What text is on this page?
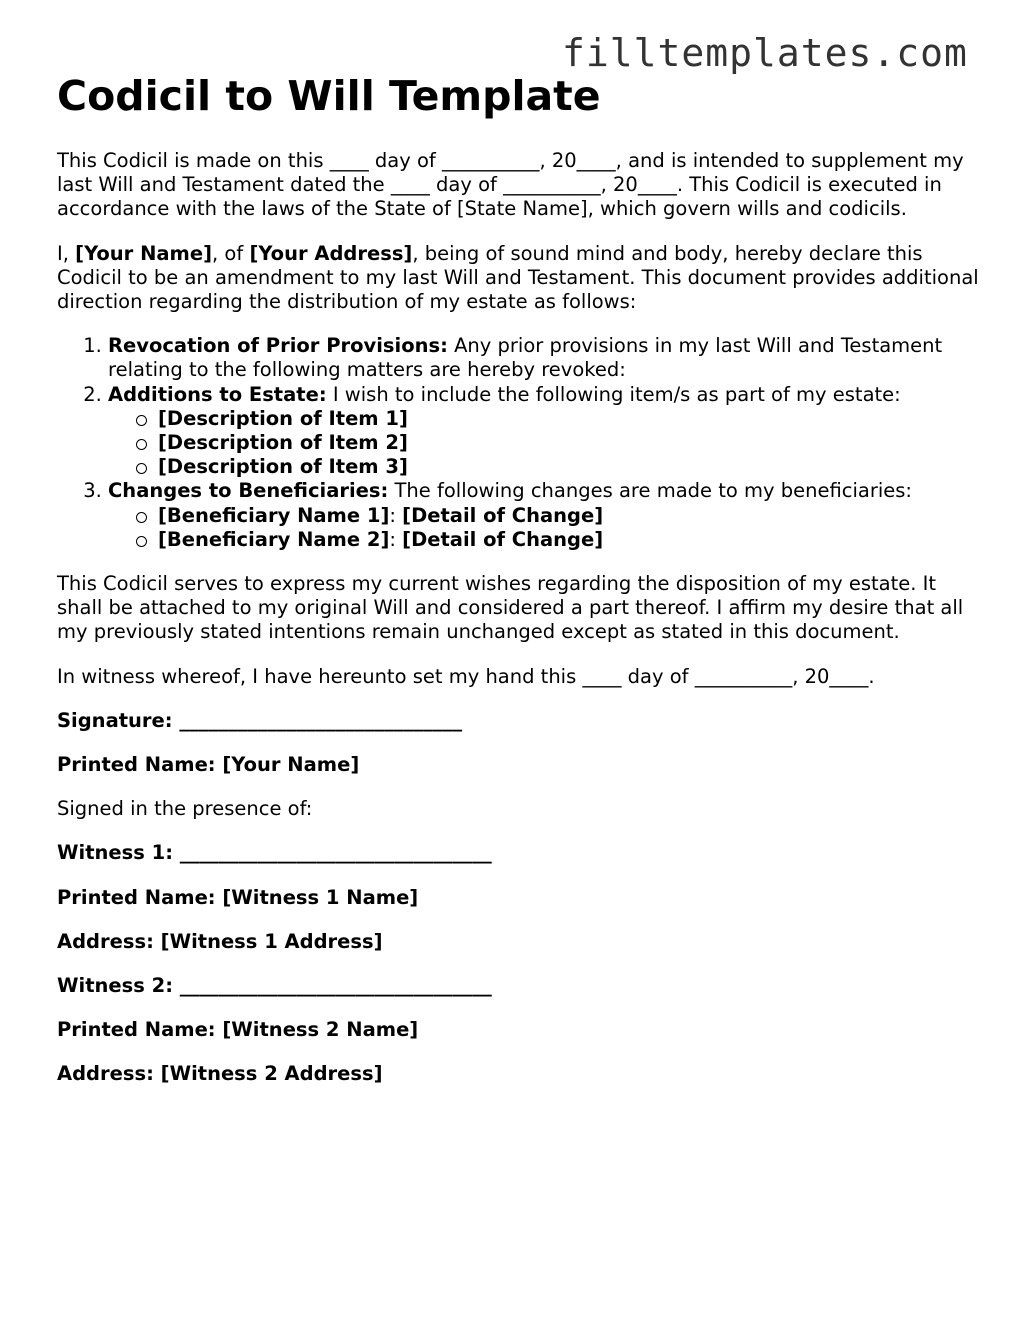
filltemplates.com
Codicil to Will Template

This Codicil is made on this ____ day of __________, 20____, and is intended to supplement my last Will and Testament dated the ____ day of __________, 20____. This Codicil is executed in accordance with the laws of the State of [State Name], which govern wills and codicils.

I, [Your Name], of [Your Address], being of sound mind and body, hereby declare this Codicil to be an amendment to my last Will and Testament. This document provides additional direction regarding the distribution of my estate as follows:

1. Revocation of Prior Provisions: Any prior provisions in my last Will and Testament relating to the following matters are hereby revoked:
2. Additions to Estate: I wish to include the following item/s as part of my estate:
[Description of Item 1]
[Description of Item 2]
[Description of Item 3]
3. Changes to Beneficiaries: The following changes are made to my beneficiaries:
[Beneficiary Name 1]: [Detail of Change]
[Beneficiary Name 2]: [Detail of Change]

This Codicil serves to express my current wishes regarding the disposition of my estate. It shall be attached to my original Will and considered a part thereof. I affirm my desire that all my previously stated intentions remain unchanged except as stated in this document.

In witness whereof, I have hereunto set my hand this ____ day of __________, 20____.

Signature: _____________________________

Printed Name: [Your Name]

Signed in the presence of:

Witness 1: ________________________________

Printed Name: [Witness 1 Name]

Address: [Witness 1 Address]

Witness 2: ________________________________

Printed Name: [Witness 2 Name]

Address: [Witness 2 Address]
